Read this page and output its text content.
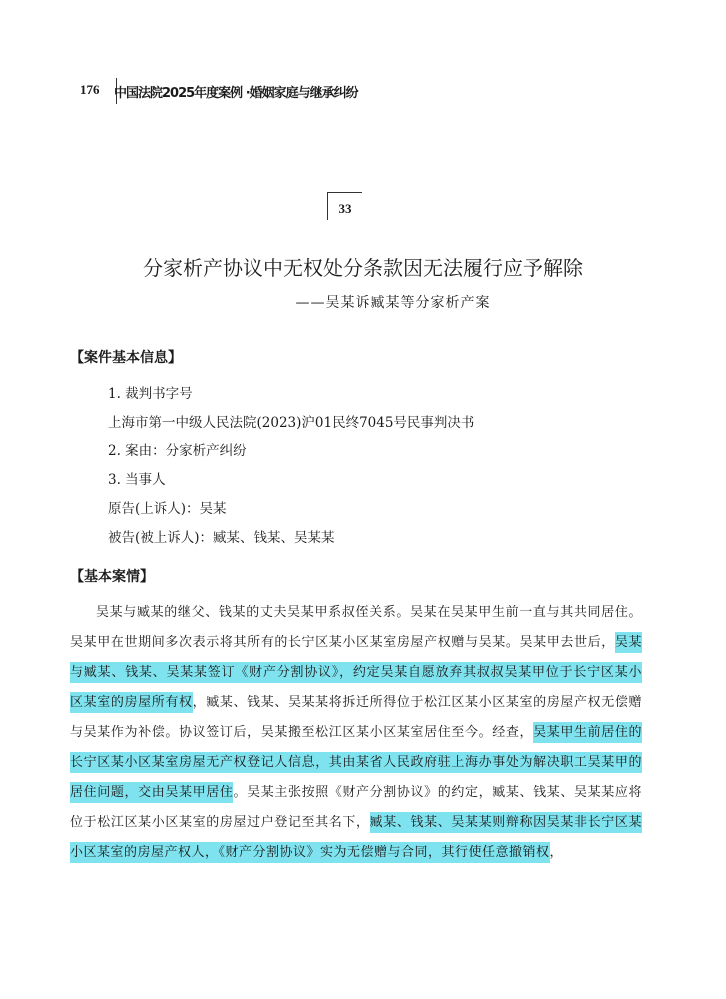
176 中国法院2025年度案例 ·婚姻家庭与继承纠纷
33
分家析产协议中无权处分条款因无法履行应予解除
——吴某诉臧某等分家析产案
【案件基本信息】
1. 裁判书字号
上海市第一中级人民法院(2023)沪01民终7045号民事判决书
2. 案由：分家析产纠纷
3. 当事人
原告(上诉人)：吴某
被告(被上诉人)：臧某、钱某、吴某某
【基本案情】

吴某与臧某的继父、钱某的丈夫吴某甲系叔侄关系。吴某在吴某甲生前一直与其共同居住。吴某甲在世期间多次表示将其所有的长宁区某小区某室房屋产权赠与吴某。吴某甲去世后，吴某与臧某、钱某、吴某某签订《财产分割协议》，约定吴某自愿放弃其叔叔吴某甲位于长宁区某小区某室的房屋所有权，臧某、钱某、吴某某将拆迁所得位于松江区某小区某室的房屋产权无偿赠与吴某作为补偿。协议签订后，吴某搬至松江区某小区某室居住至今。经查，吴某甲生前居住的长宁区某小区某室房屋无产权登记人信息，其由某省人民政府驻上海办事处为解决职工吴某甲的居住问题，交由吴某甲居住。吴某主张按照《财产分割协议》的约定，臧某、钱某、吴某某应将位于松江区某小区某室的房屋过户登记至其名下，臧某、钱某、吴某某则辩称因吴某非长宁区某小区某室的房屋产权人，《财产分割协议》实为无偿赠与合同，其行使任意撤销权，
